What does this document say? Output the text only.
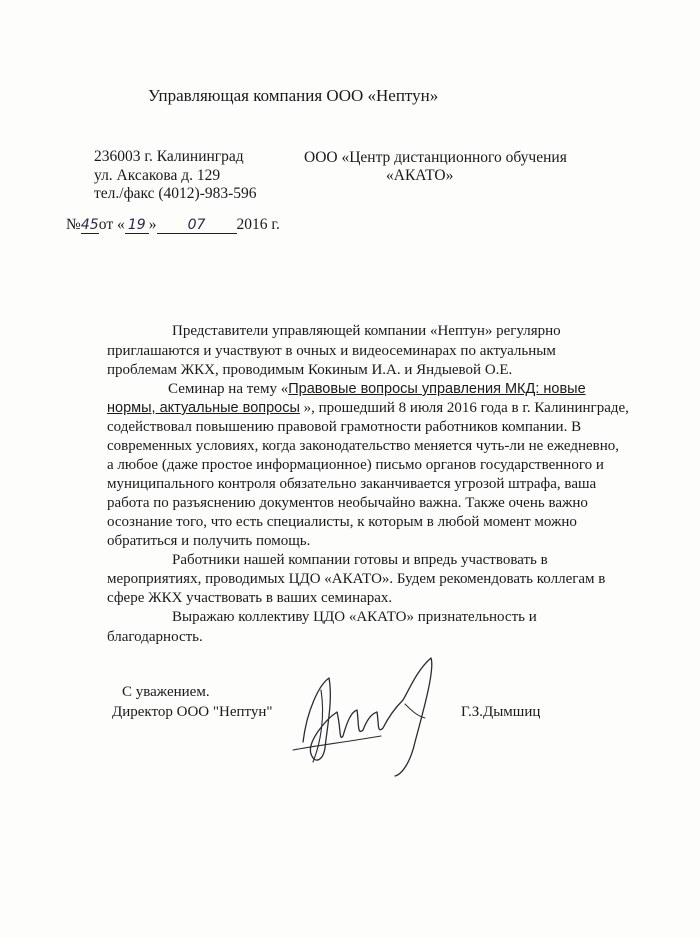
Управляющая компания ООО «Нептун»
236003 г. Калининград
ул. Аксакова д. 129
тел./факс (4012)-983-596
ООО «Центр дистанционного обучения
«АКАТО»
№45от « 19 » 07 2016 г.
Представители управляющей компании «Нептун» регулярно
приглашаются и участвуют в очных и видеосеминарах по актуальным
проблемам ЖКХ, проводимым Кокиным И.А. и Яндыевой О.Е.
Семинар на тему «Правовые вопросы управления МКД: новые
нормы, актуальные вопросы », прошедший 8 июля 2016 года в г. Калининграде,
содействовал повышению правовой грамотности работников компании. В
современных условиях, когда законодательство меняется чуть-ли не ежедневно,
а любое (даже простое информационное) письмо органов государственного и
муниципального контроля обязательно заканчивается угрозой штрафа, ваша
работа по разъяснению документов необычайно важна. Также очень важно
осознание того, что есть специалисты, к которым в любой момент можно
обратиться и получить помощь.
Работники нашей компании готовы и впредь участвовать в
мероприятиях, проводимых ЦДО «АКАТО». Будем рекомендовать коллегам в
сфере ЖКХ участвовать в ваших семинарах.
Выражаю коллективу ЦДО «АКАТО» признательность и
благодарность.
С уважением.
Директор ООО "Нептун"	Г.З.Дымшиц
